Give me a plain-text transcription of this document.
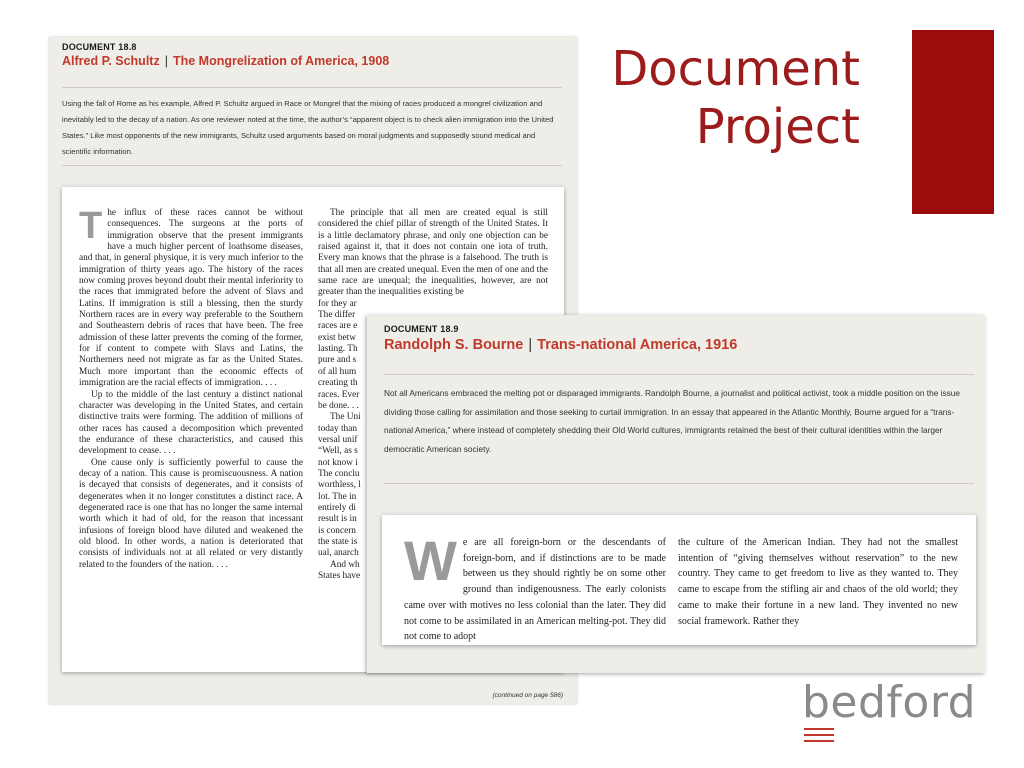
Document
Project
DOCUMENT 18.8
Alfred P. Schultz | The Mongrelization of America, 1908
Using the fall of Rome as his example, Alfred P. Schultz argued in Race or Mongrel that the mixing of races produced a mongrel civilization and inevitably led to the decay of a nation. As one reviewer noted at the time, the author’s “apparent object is to check alien immigration into the United States.” Like most opponents of the new immigrants, Schultz used arguments based on moral judgments and supposedly sound medical and scientific information.

The influx of these races cannot be without consequences. The surgeons at the ports of immigration observe that the present immigrants have a much higher percent of loathsome diseases, and that, in general physique, it is very much inferior to the immigration of thirty years ago. The history of the races now coming proves beyond doubt their mental inferiority to the races that immigrated before the advent of Slavs and Latins. If immigration is still a blessing, then the sturdy Northern races are in every way preferable to the Southern and Southeastern debris of races that have been. The free admission of these latter prevents the coming of the former, for if content to compete with Slavs and Latins, the Northerners need not migrate as far as the United States. Much more important than the economic effects of immigration are the racial effects of immigration. . . .

Up to the middle of the last century a distinct national character was developing in the United States, and certain distinctive traits were forming. The addition of millions of other races has caused a decomposition which prevented the endurance of these characteristics, and caused this development to cease. . . .

One cause only is sufficiently powerful to cause the decay of a nation. This cause is promiscuousness. A nation is decayed that consists of degenerates, and it consists of degenerates when it no longer constitutes a distinct race. A degenerated race is one that has no longer the same internal worth which it had of old, for the reason that incessant infusions of foreign blood have diluted and weakened the old blood. In other words, a nation is deteriorated that consists of individuals not at all related or very distantly related to the founders of the nation. . . .

The principle that all men are created equal is still considered the chief pillar of strength of the United States. It is a little declamatory phrase, and only one objection can be raised against it, that it does not contain one iota of truth. Every man knows that the phrase is a falsehood. The truth is that all men are created unequal. Even the men of one and the same race are unequal; the inequalities, however, are not greater than the inequalities existing be

for they ar
The differ
races are e
exist betw
lasting. Th
pure and s
of all hum
creating th
races. Ever
be done. . .
The Uni
today than
versal unif
“Well, as s
not know i
The conclu
worthless, l
lot. The in
entirely di
result is in
is concern
the state is
ual, anarch
And wh
States have
(continued on page 586)
DOCUMENT 18.9
Randolph S. Bourne | Trans-national America, 1916
Not all Americans embraced the melting pot or disparaged immigrants. Randolph Bourne, a journalist and political activist, took a middle position on the issue dividing those calling for assimilation and those seeking to curtail immigration. In an essay that appeared in the Atlantic Monthly, Bourne argued for a “trans-national America,” where instead of completely shedding their Old World cultures, immigrants retained the best of their cultural identities within the larger democratic American society.

We are all foreign-born or the descendants of foreign-born, and if distinctions are to be made between us they should rightly be on some other ground than indigenousness. The early colonists came over with motives no less colonial than the later. They did not come to be assimilated in an American melting-pot. They did not come to adopt

the culture of the American Indian. They had not the smallest intention of “giving themselves without reservation” to the new country. They came to get freedom to live as they wanted to. They came to escape from the stifling air and chaos of the old world; they came to make their fortune in a new land. They invented no new social framework. Rather they

bedford
